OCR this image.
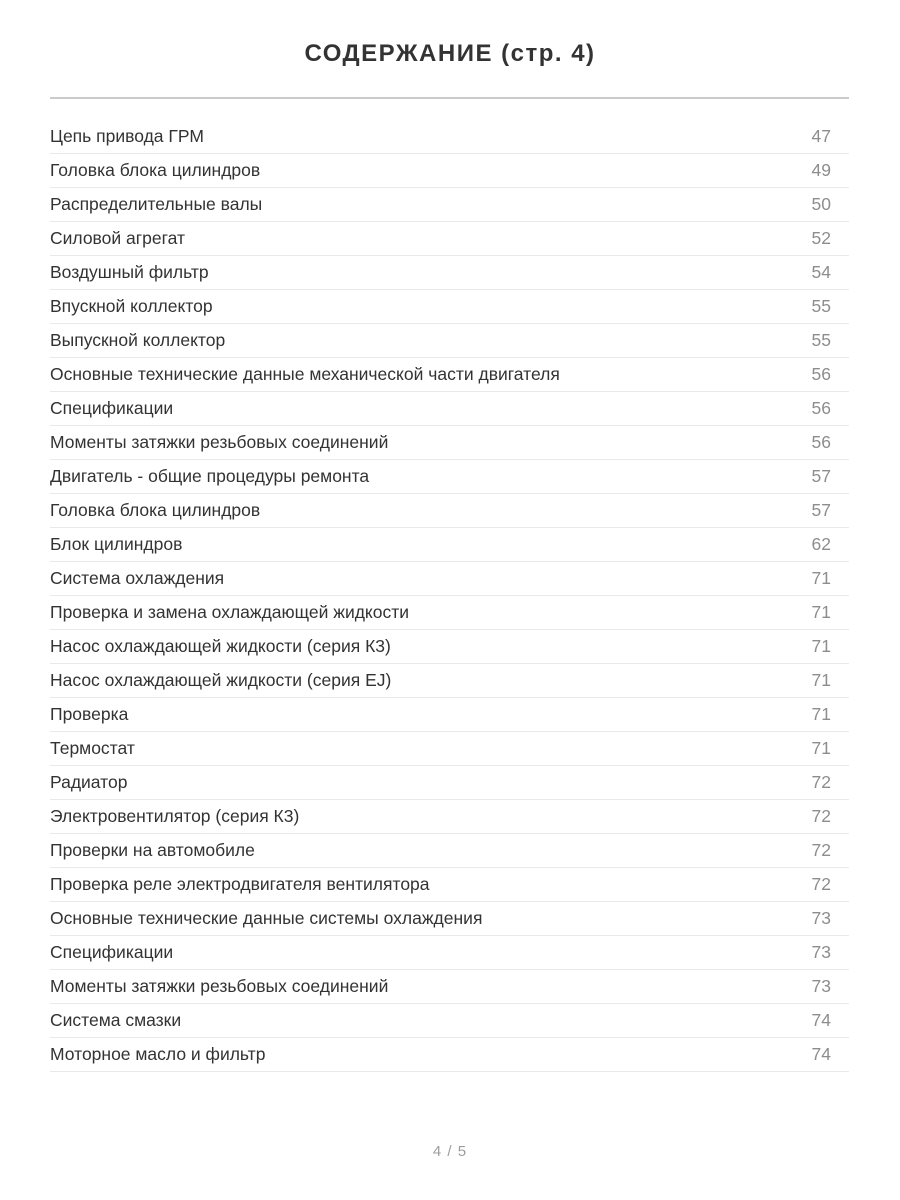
СОДЕРЖАНИЕ (стр. 4)
Цепь привода ГРМ	47
Головка блока цилиндров	49
Распределительные валы	50
Силовой агрегат	52
Воздушный фильтр	54
Впускной коллектор	55
Выпускной коллектор	55
Основные технические данные механической части двигателя	56
Спецификации	56
Моменты затяжки резьбовых соединений	56
Двигатель - общие процедуры ремонта	57
Головка блока цилиндров	57
Блок цилиндров	62
Система охлаждения	71
Проверка и замена охлаждающей жидкости	71
Насос охлаждающей жидкости (серия К3)	71
Насос охлаждающей жидкости (серия EJ)	71
Проверка	71
Термостат	71
Радиатор	72
Электровентилятор (серия К3)	72
Проверки на автомобиле	72
Проверка реле электродвигателя вентилятора	72
Основные технические данные системы охлаждения	73
Спецификации	73
Моменты затяжки резьбовых соединений	73
Система смазки	74
Моторное масло и фильтр	74
4 / 5
